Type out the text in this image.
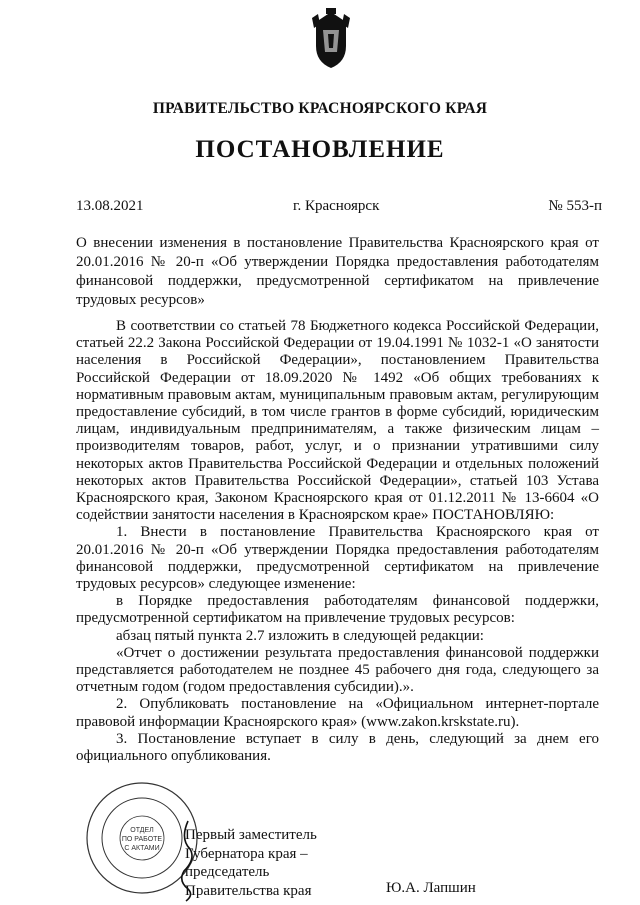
ПРАВИТЕЛЬСТВО КРАСНОЯРСКОГО КРАЯ
ПОСТАНОВЛЕНИЕ
13.08.2021	г. Красноярск	№ 553-п
О внесении изменения в постановление Правительства Красноярского края от 20.01.2016 № 20-п «Об утверждении Порядка предоставления работодателям финансовой поддержки, предусмотренной сертификатом на привлечение трудовых ресурсов»

В соответствии со статьей 78 Бюджетного кодекса Российской Федерации, статьей 22.2 Закона Российской Федерации от 19.04.1991 № 1032-1 «О занятости населения в Российской Федерации», постановлением Правительства Российской Федерации от 18.09.2020 № 1492 «Об общих требованиях к нормативным правовым актам, муниципальным правовым актам, регулирующим предоставление субсидий, в том числе грантов в форме субсидий, юридическим лицам, индивидуальным предпринимателям, а также физическим лицам – производителям товаров, работ, услуг, и о признании утратившими силу некоторых актов Правительства Российской Федерации и отдельных положений некоторых актов Правительства Российской Федерации», статьей 103 Устава Красноярского края, Законом Красноярского края от 01.12.2011 № 13-6604 «О содействии занятости населения в Красноярском крае» ПОСТАНОВЛЯЮ:

1. Внести в постановление Правительства Красноярского края от 20.01.2016 № 20-п «Об утверждении Порядка предоставления работодателям финансовой поддержки, предусмотренной сертификатом на привлечение трудовых ресурсов» следующее изменение:

в Порядке предоставления работодателям финансовой поддержки, предусмотренной сертификатом на привлечение трудовых ресурсов:

абзац пятый пункта 2.7 изложить в следующей редакции:

«Отчет о достижении результата предоставления финансовой поддержки представляется работодателем не позднее 45 рабочего дня года, следующего за отчетным годом (годом предоставления субсидии).».

2. Опубликовать постановление на «Официальном интернет-портале правовой информации Красноярского края» (www.zakon.krskstate.ru).

3. Постановление вступает в силу в день, следующий за днем его официального опубликования.

ОТДЕЛ
ПО РАБОТЕ
С АКТАМИ
Первый заместитель
Губернатора края –
председатель
Правительства края	Ю.А. Лапшин
